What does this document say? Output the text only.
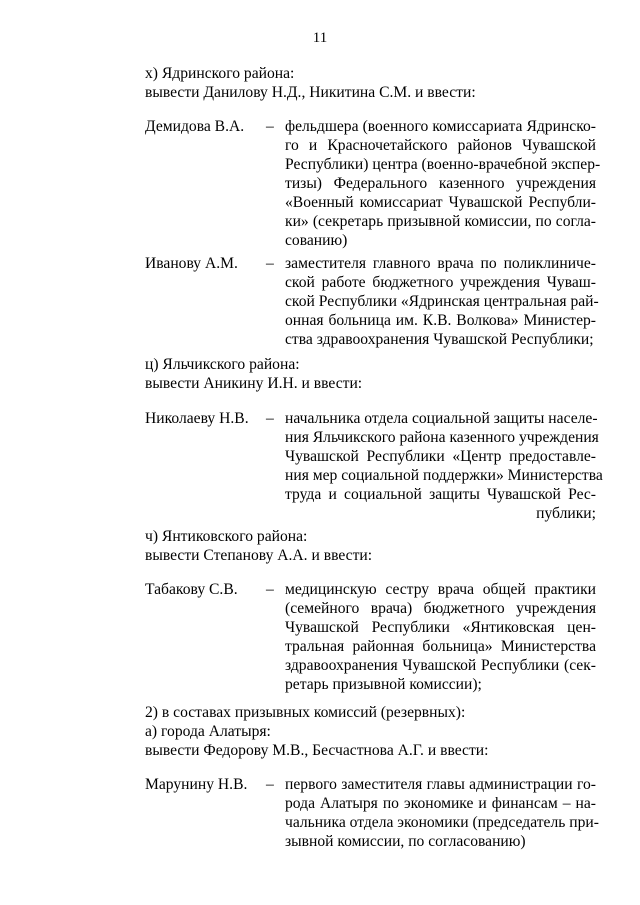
11
х) Ядринского района:
вывести Данилову Н.Д., Никитина С.М. и ввести:
Демидова В.А. – фельдшера (военного комиссариата Ядринско-
го и Красночетайского районов Чувашской
Республики) центра (военно-врачебной экспер-
тизы) Федерального казенного учреждения
«Военный комиссариат Чувашской Республи-
ки» (секретарь призывной комиссии, по согла-
сованию)
Иванову А.М. – заместителя главного врача по поликлиниче-
ской работе бюджетного учреждения Чуваш-
ской Республики «Ядринская центральная рай-
онная больница им. К.В. Волкова» Министер-
ства здравоохранения Чувашской Республики;
ц) Яльчикского района:
вывести Аникину И.Н. и ввести:
Николаеву Н.В. – начальника отдела социальной защиты населе-
ния Яльчикского района казенного учреждения
Чувашской Республики «Центр предоставле-
ния мер социальной поддержки» Министерства
труда и социальной защиты Чувашской Рес-
публики;
ч) Янтиковского района:
вывести Степанову А.А. и ввести:
Табакову С.В. – медицинскую сестру врача общей практики
(семейного врача) бюджетного учреждения
Чувашской Республики «Янтиковская цен-
тральная районная больница» Министерства
здравоохранения Чувашской Республики (сек-
ретарь призывной комиссии);
2) в составах призывных комиссий (резервных):
а) города Алатыря:
вывести Федорову М.В., Бесчастнова А.Г. и ввести:
Марунину Н.В. – первого заместителя главы администрации го-
рода Алатыря по экономике и финансам – на-
чальника отдела экономики (председатель при-
зывной комиссии, по согласованию)
